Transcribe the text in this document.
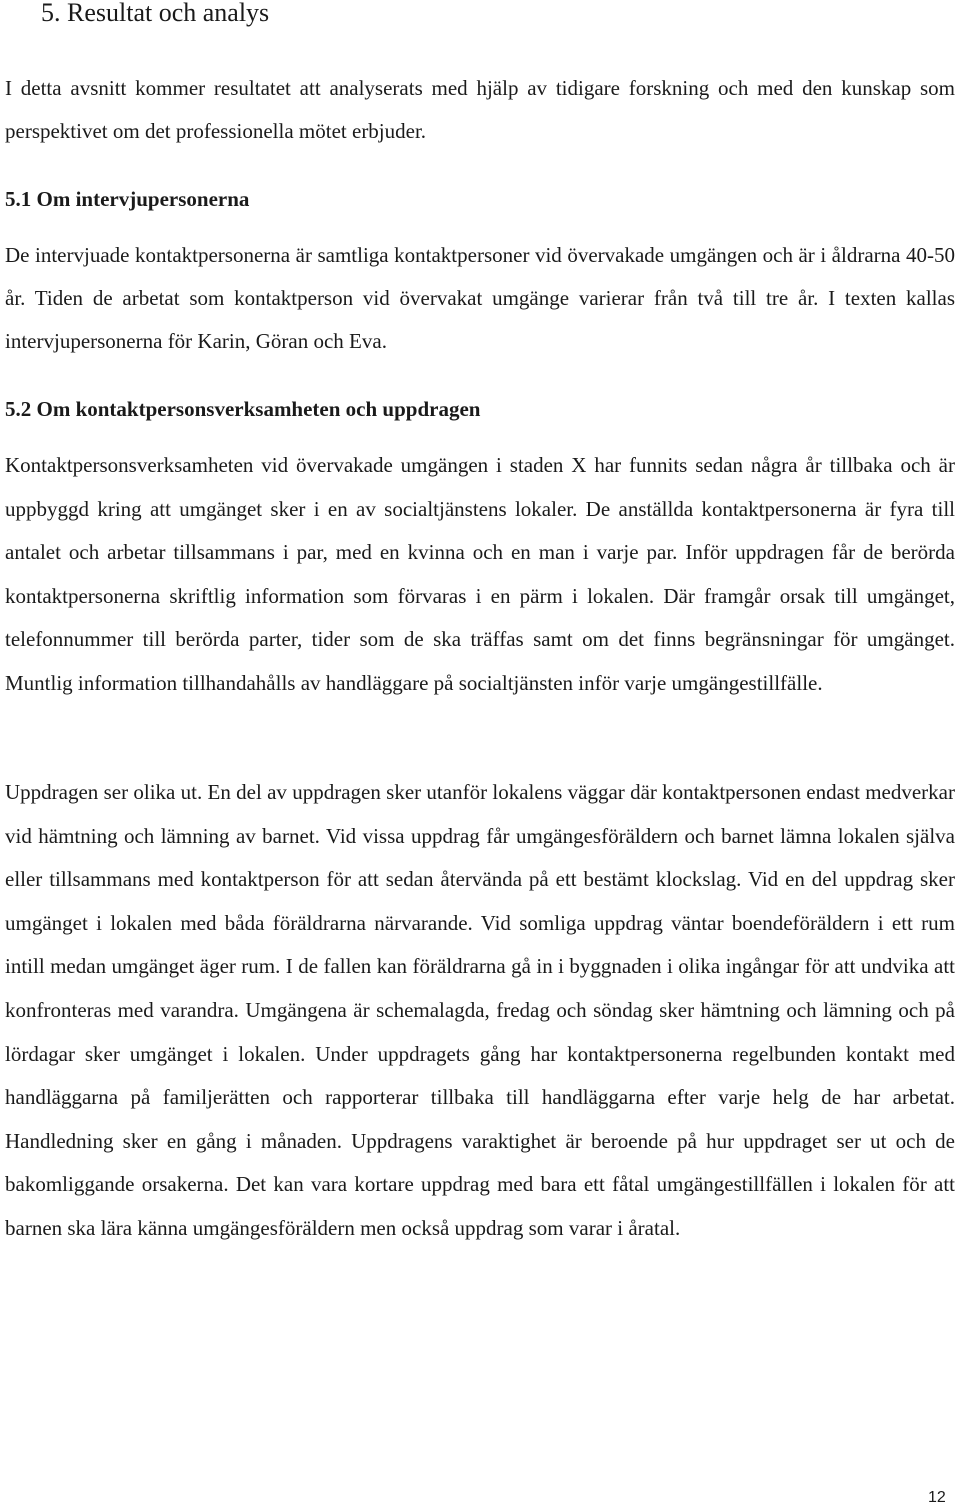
5. Resultat och analys

I detta avsnitt kommer resultatet att analyserats med hjälp av tidigare forskning och med den kunskap som perspektivet om det professionella mötet erbjuder.

5.1 Om intervjupersonerna

De intervjuade kontaktpersonerna är samtliga kontaktpersoner vid övervakade umgängen och är i åldrarna 40-50 år. Tiden de arbetat som kontaktperson vid övervakat umgänge varierar från två till tre år. I texten kallas intervjupersonerna för Karin, Göran och Eva.

5.2 Om kontaktpersonsverksamheten och uppdragen

Kontaktpersonsverksamheten vid övervakade umgängen i staden X har funnits sedan några år tillbaka och är uppbyggd kring att umgänget sker i en av socialtjänstens lokaler. De anställda kontaktpersonerna är fyra till antalet och arbetar tillsammans i par, med en kvinna och en man i varje par. Inför uppdragen får de berörda kontaktpersonerna skriftlig information som förvaras i en pärm i lokalen. Där framgår orsak till umgänget, telefonnummer till berörda parter, tider som de ska träffas samt om det finns begränsningar för umgänget. Muntlig information tillhandahålls av handläggare på socialtjänsten inför varje umgängestillfälle.

Uppdragen ser olika ut. En del av uppdragen sker utanför lokalens väggar där kontaktpersonen endast medverkar vid hämtning och lämning av barnet. Vid vissa uppdrag får umgängesföräldern och barnet lämna lokalen själva eller tillsammans med kontaktperson för att sedan återvända på ett bestämt klockslag. Vid en del uppdrag sker umgänget i lokalen med båda föräldrarna närvarande. Vid somliga uppdrag väntar boendeföräldern i ett rum intill medan umgänget äger rum. I de fallen kan föräldrarna gå in i byggnaden i olika ingångar för att undvika att konfronteras med varandra. Umgängena är schemalagda, fredag och söndag sker hämtning och lämning och på lördagar sker umgänget i lokalen. Under uppdragets gång har kontaktpersonerna regelbunden kontakt med handläggarna på familjerätten och rapporterar tillbaka till handläggarna efter varje helg de har arbetat. Handledning sker en gång i månaden. Uppdragens varaktighet är beroende på hur uppdraget ser ut och de bakomliggande orsakerna. Det kan vara kortare uppdrag med bara ett fåtal umgängestillfällen i lokalen för att barnen ska lära känna umgängesföräldern men också uppdrag som varar i åratal.

12
